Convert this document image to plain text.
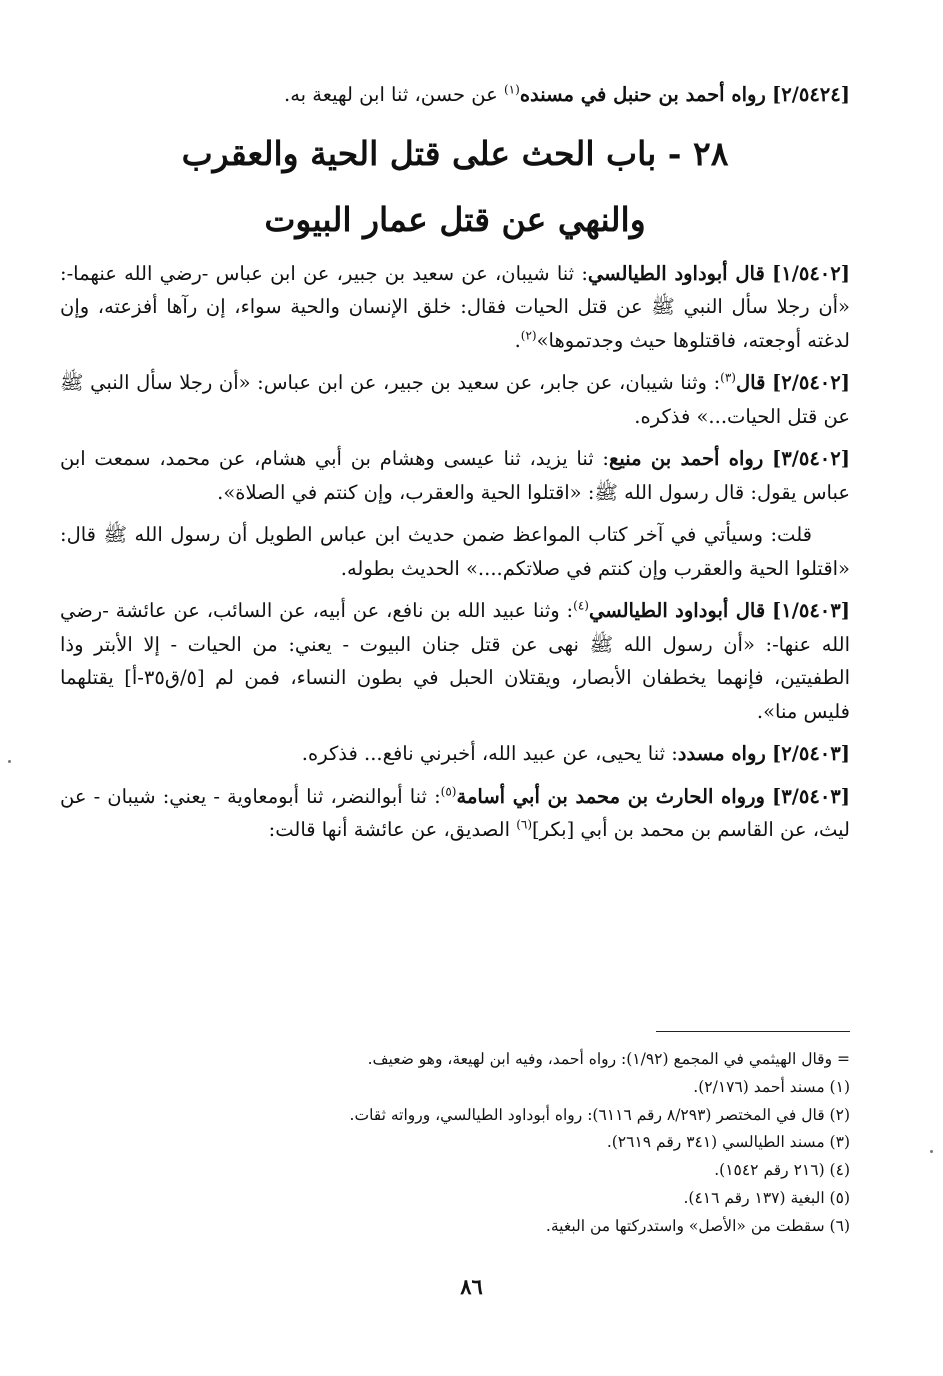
[٢/٥٤٢٤] رواه أحمد بن حنبل في مسنده$^{(١)}$ عن حسن، ثنا ابن لهيعة به.

٢٨ - باب الحث على قتل الحية والعقرب
والنهي عن قتل عمار البيوت

[١/٥٤٠٢] قال أبوداود الطيالسي: ثنا شيبان، عن سعيد بن جبير، عن ابن عباس -رضي الله عنهما-: «أن رجلا سأل النبي ﷺ عن قتل الحيات فقال: خلق الإنسان والحية سواء، إن رآها أفزعته، وإن لدغته أوجعته، فاقتلوها حيث وجدتموها»$^{(٢)}$.

[٢/٥٤٠٢] قال$^{(٣)}$: وثنا شيبان، عن جابر، عن سعيد بن جبير، عن ابن عباس: «أن رجلا سأل النبي ﷺ عن قتل الحيات...» فذكره.

[٣/٥٤٠٢] رواه أحمد بن منيع: ثنا يزيد، ثنا عيسى وهشام بن أبي هشام، عن محمد، سمعت ابن عباس يقول: قال رسول الله ﷺ: «اقتلوا الحية والعقرب، وإن كنتم في الصلاة».

قلت: وسيأتي في آخر كتاب المواعظ ضمن حديث ابن عباس الطويل أن رسول الله ﷺ قال: «اقتلوا الحية والعقرب وإن كنتم في صلاتكم....» الحديث بطوله.

[١/٥٤٠٣] قال أبوداود الطيالسي$^{(٤)}$: وثنا عبيد الله بن نافع، عن أبيه، عن السائب، عن عائشة -رضي الله عنها-: «أن رسول الله ﷺ نهى عن قتل جنان البيوت - يعني: من الحيات - إلا الأبتر وذا الطفيتين، فإنهما يخطفان الأبصار، ويقتلان الحبل في بطون النساء، فمن لم [٥/ق٣٥-أ] يقتلهما فليس منا».

[٢/٥٤٠٣] رواه مسدد: ثنا يحيى، عن عبيد الله، أخبرني نافع... فذكره.

[٣/٥٤٠٣] ورواه الحارث بن محمد بن أبي أسامة$^{(٥)}$: ثنا أبوالنضر، ثنا أبومعاوية - يعني: شيبان - عن ليث، عن القاسم بن محمد بن أبي [بكر]$^{(٦)}$ الصديق، عن عائشة أنها قالت:

= وقال الهيثمي في المجمع (١/٩٢): رواه أحمد، وفيه ابن لهيعة، وهو ضعيف.

(١) مسند أحمد (٢/١٧٦).

(٢) قال في المختصر (٨/٢٩٣ رقم ٦١١٦): رواه أبوداود الطيالسي، ورواته ثقات.

(٣) مسند الطيالسي (٣٤١ رقم ٢٦١٩).

(٤) (٢١٦ رقم ١٥٤٢).

(٥) البغية (١٣٧ رقم ٤١٦).

(٦) سقطت من «الأصل» واستدركتها من البغية.

٨٦
